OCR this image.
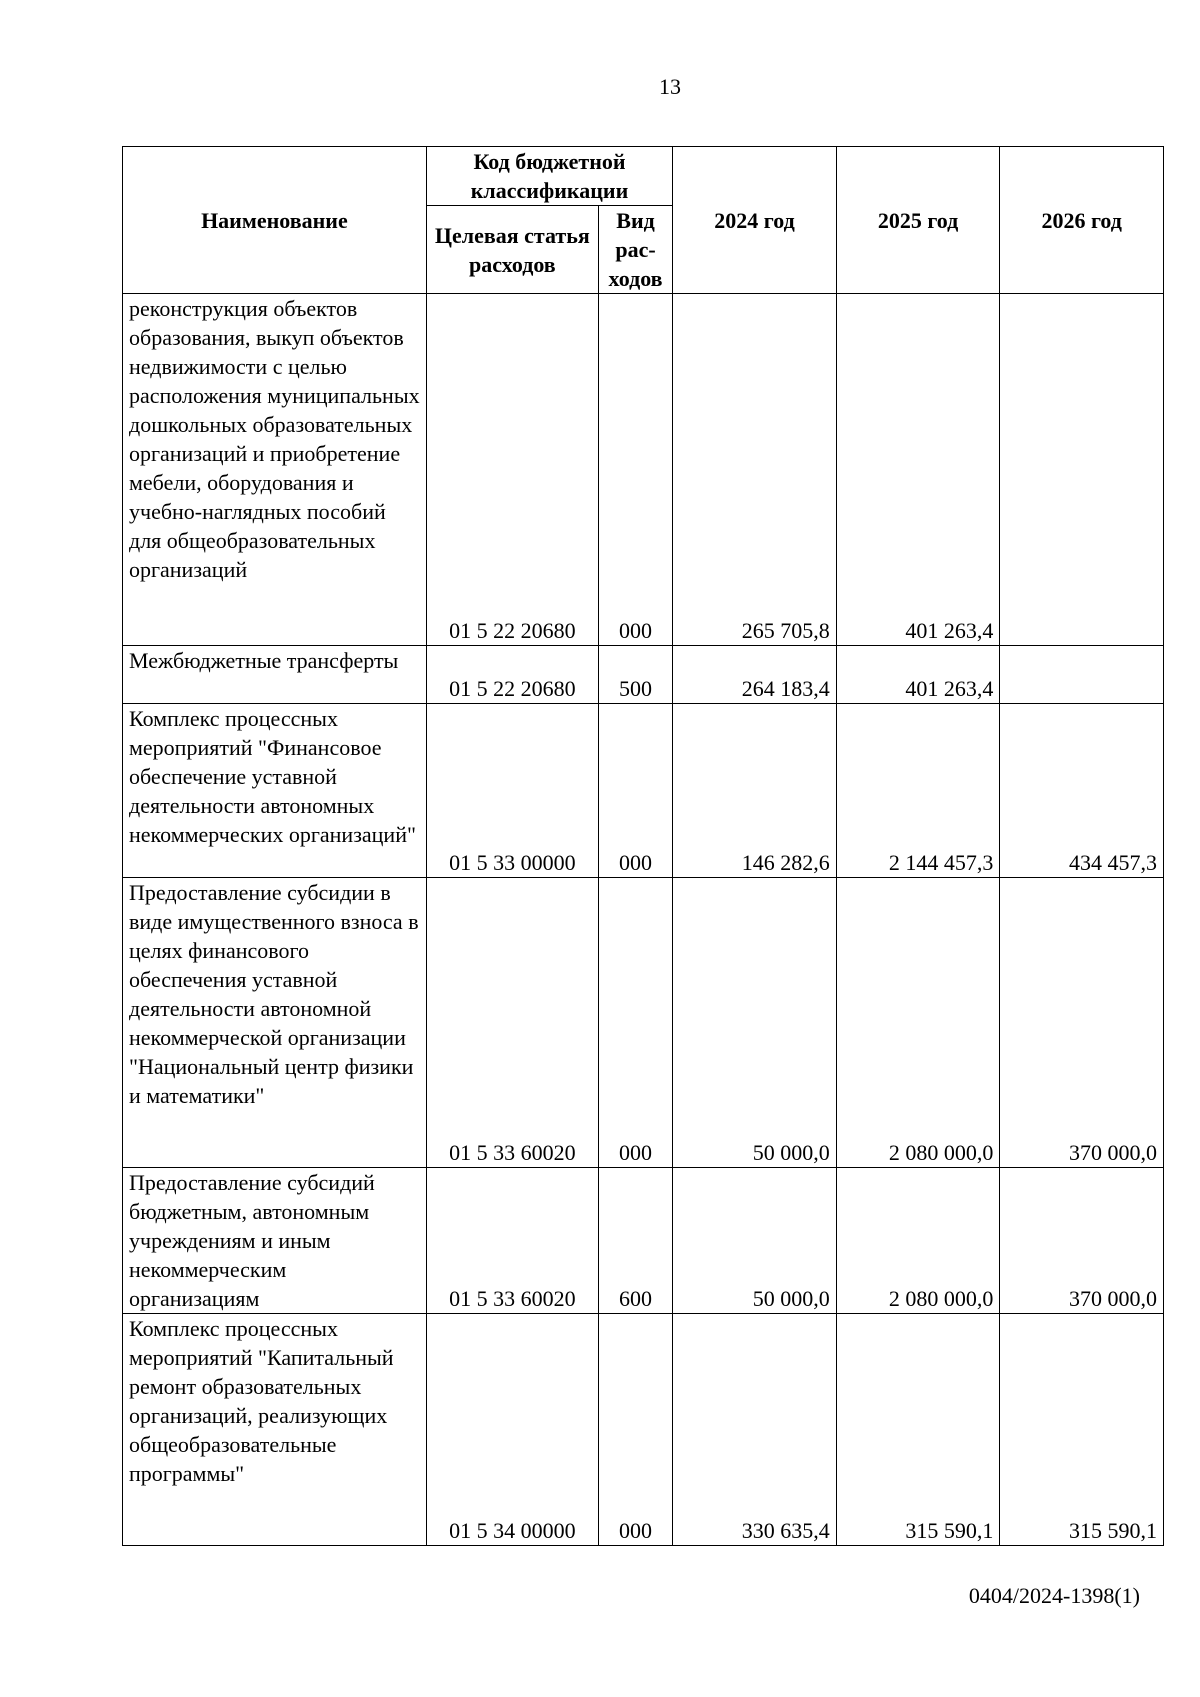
13
Наименование	Код бюджетной классификации		2024 год	2025 год	2026 год
	Целевая статья расходов	Вид рас-ходов			
реконструкция объектов образования, выкуп объектов недвижимости с целью расположения муниципальных дошкольных образовательных организаций и приобретение мебели, оборудования и учебно-наглядных пособий для общеобразовательных организаций	01 5 22 20680	000	265 705,8	401 263,4	
Межбюджетные трансферты	01 5 22 20680	500	264 183,4	401 263,4	
Комплекс процессных мероприятий "Финансовое обеспечение уставной деятельности автономных некоммерческих организаций"	01 5 33 00000	000	146 282,6	2 144 457,3	434 457,3
Предоставление субсидии в виде имущественного взноса в целях финансового обеспечения уставной деятельности автономной некоммерческой организации "Национальный центр физики и математики"	01 5 33 60020	000	50 000,0	2 080 000,0	370 000,0
Предоставление субсидий бюджетным, автономным учреждениям и иным некоммерческим организациям	01 5 33 60020	600	50 000,0	2 080 000,0	370 000,0
Комплекс процессных мероприятий "Капитальный ремонт образовательных организаций, реализующих общеобразовательные программы"	01 5 34 00000	000	330 635,4	315 590,1	315 590,1
0404/2024-1398(1)
